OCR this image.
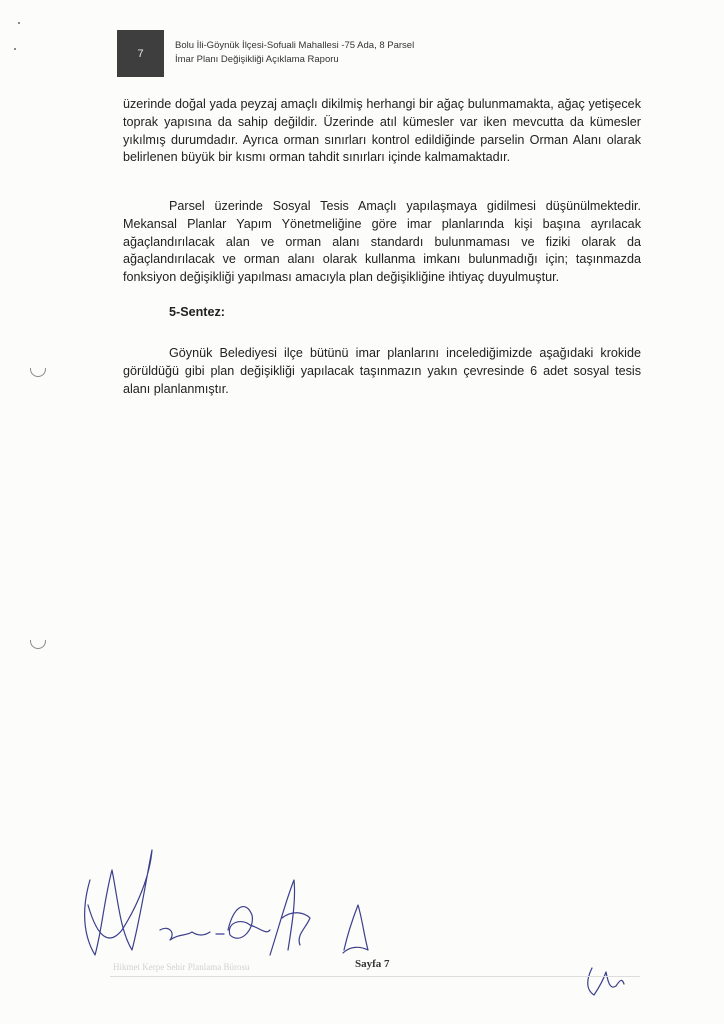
7
Bolu İli-Göynük İlçesi-Sofuali Mahallesi -75 Ada, 8 Parsel
İmar Planı Değişikliği Açıklama Raporu

üzerinde doğal yada peyzaj amaçlı dikilmiş herhangi bir ağaç bulunmamakta, ağaç yetişecek toprak yapısına da sahip değildir. Üzerinde atıl kümesler var iken mevcutta da kümesler yıkılmış durumdadır. Ayrıca orman sınırları kontrol edildiğinde parselin Orman Alanı olarak belirlenen büyük bir kısmı orman tahdit sınırları içinde kalmamaktadır.

Parsel üzerinde Sosyal Tesis Amaçlı yapılaşmaya gidilmesi düşünülmektedir. Mekansal Planlar Yapım Yönetmeliğine göre imar planlarında kişi başına ayrılacak ağaçlandırılacak alan ve orman alanı standardı bulunmaması ve fiziki olarak da ağaçlandırılacak ve orman alanı olarak kullanma imkanı bulunmadığı için; taşınmazda fonksiyon değişikliği yapılması amacıyla plan değişikliğine ihtiyaç duyulmuştur.

5-Sentez:

Göynük Belediyesi ilçe bütünü imar planlarını incelediğimizde aşağıdaki krokide görüldüğü gibi plan değişikliği yapılacak taşınmazın yakın çevresinde 6 adet sosyal tesis alanı planlanmıştır.

Hikmet Kerpe Sehir Planlama Bürosu	Sayfa 7
